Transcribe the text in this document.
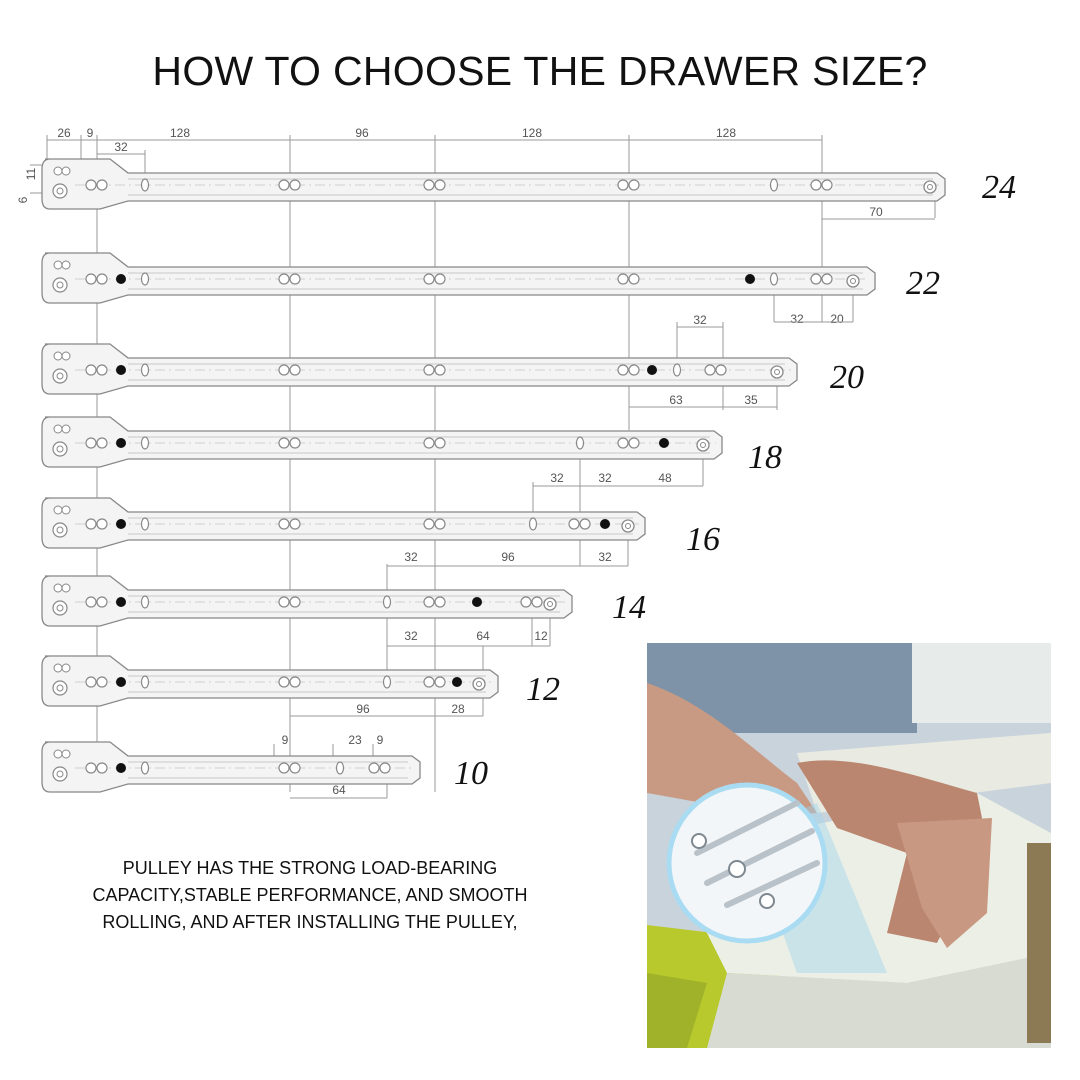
HOW TO CHOOSE THE DRAWER SIZE?
26 9
32
128	96	128	128
11
6
70
32 20
32
63	35
32	32	48
96	32
32
12
32	64
96	28
9	23 9
64
24
22
20
18
16
14
12
10
PULLEY HAS THE STRONG LOAD-BEARING CAPACITY,STABLE PERFORMANCE, AND SMOOTH ROLLING, AND AFTER INSTALLING THE PULLEY,
